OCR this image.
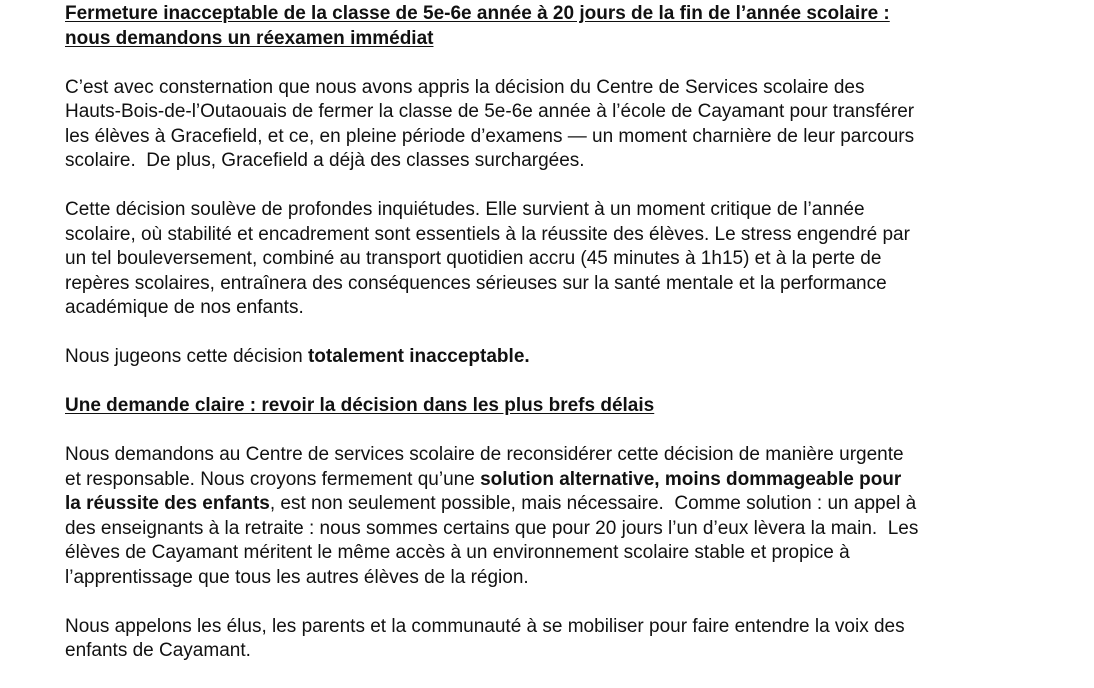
Fermeture inacceptable de la classe de 5e-6e année à 20 jours de la fin de l’année scolaire :
nous demandons un réexamen immédiat

C’est avec consternation que nous avons appris la décision du Centre de Services scolaire des
Hauts-Bois-de-l’Outaouais de fermer la classe de 5e-6e année à l’école de Cayamant pour transférer
les élèves à Gracefield, et ce, en pleine période d’examens — un moment charnière de leur parcours
scolaire.  De plus, Gracefield a déjà des classes surchargées.

Cette décision soulève de profondes inquiétudes. Elle survient à un moment critique de l’année
scolaire, où stabilité et encadrement sont essentiels à la réussite des élèves. Le stress engendré par
un tel bouleversement, combiné au transport quotidien accru (45 minutes à 1h15) et à la perte de
repères scolaires, entraînera des conséquences sérieuses sur la santé mentale et la performance
académique de nos enfants.

Nous jugeons cette décision totalement inacceptable.

Une demande claire : revoir la décision dans les plus brefs délais

Nous demandons au Centre de services scolaire de reconsidérer cette décision de manière urgente
et responsable. Nous croyons fermement qu’une solution alternative, moins dommageable pour
la réussite des enfants, est non seulement possible, mais nécessaire.  Comme solution : un appel à
des enseignants à la retraite : nous sommes certains que pour 20 jours l’un d’eux lèvera la main.  Les
élèves de Cayamant méritent le même accès à un environnement scolaire stable et propice à
l’apprentissage que tous les autres élèves de la région.

Nous appelons les élus, les parents et la communauté à se mobiliser pour faire entendre la voix des
enfants de Cayamant.
